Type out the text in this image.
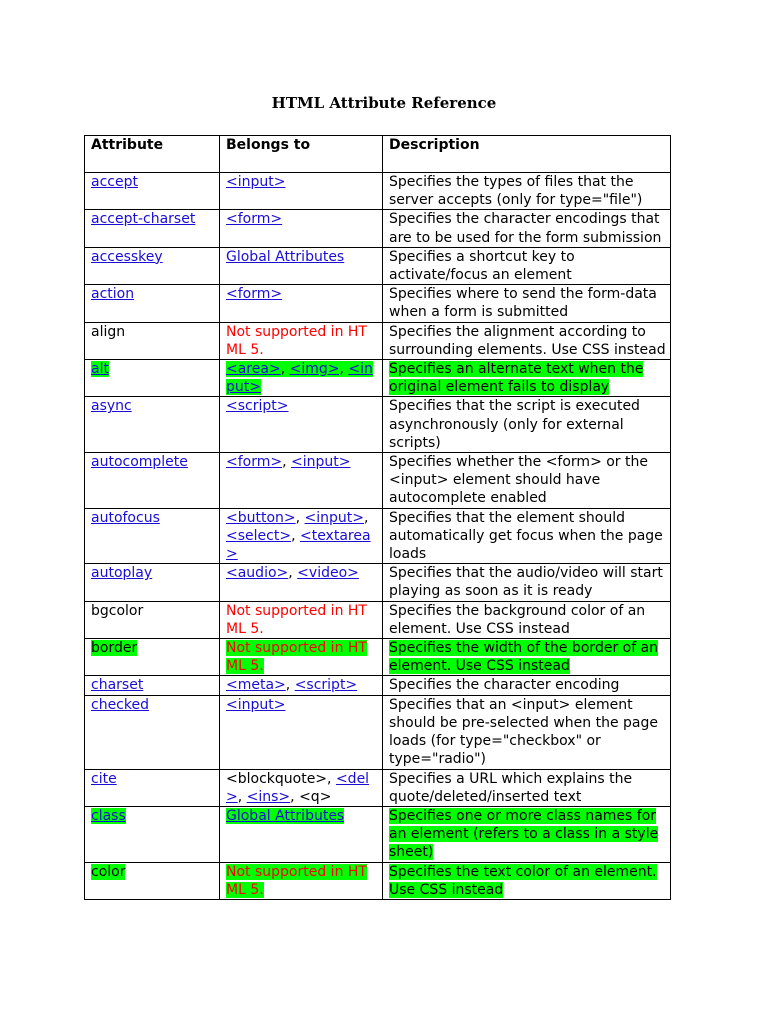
HTML Attribute Reference
Attribute	Belongs to	Description
accept	<input>	Specifies the types of files that the server accepts (only for type="file")
accept-charset	<form>	Specifies the character encodings that are to be used for the form submission
accesskey	Global Attributes	Specifies a shortcut key to activate/focus an element
action	<form>	Specifies where to send the form-data when a form is submitted
align	Not supported in HTML 5.	Specifies the alignment according to surrounding elements. Use CSS instead
alt	<area>, <img>, <input>	Specifies an alternate text when the original element fails to display
async	<script>	Specifies that the script is executed asynchronously (only for external scripts)
autocomplete	<form>, <input>	Specifies whether the <form> or the <input> element should have autocomplete enabled
autofocus	<button>, <input>, <select>, <textarea>	Specifies that the element should automatically get focus when the page loads
autoplay	<audio>, <video>	Specifies that the audio/video will start playing as soon as it is ready
bgcolor	Not supported in HTML 5.	Specifies the background color of an element. Use CSS instead
border	Not supported in HTML 5.	Specifies the width of the border of an element. Use CSS instead
charset	<meta>, <script>	Specifies the character encoding
checked	<input>	Specifies that an <input> element should be pre-selected when the page loads (for type="checkbox" or type="radio")
cite	<blockquote>, <del>, <ins>, <q>	Specifies a URL which explains the quote/deleted/inserted text
class	Global Attributes	Specifies one or more class names for an element (refers to a class in a style sheet)
color	Not supported in HTML 5.	Specifies the text color of an element. Use CSS instead
